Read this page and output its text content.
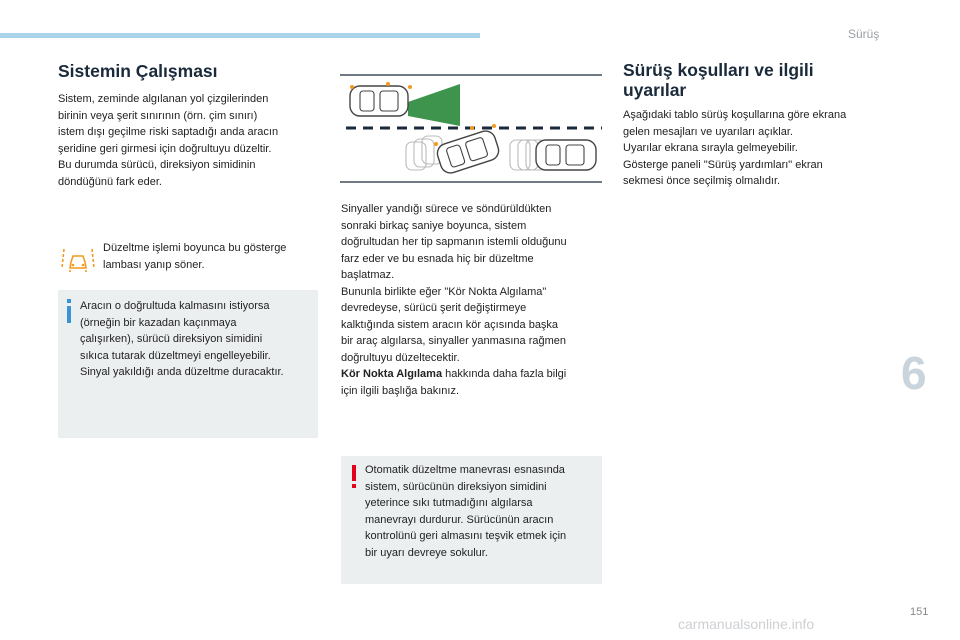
Sürüş
Sistemin Çalışması

Sistem, zeminde algılanan yol çizgilerinden
birinin veya şerit sınırının (örn. çim sınırı)
istem dışı geçilme riski saptadığı anda aracın
şeridine geri girmesi için doğrultuyu düzeltir.
Bu durumda sürücü, direksiyon simidinin
döndüğünü fark eder.

Düzeltme işlemi boyunca bu gösterge
lambası yanıp söner.

Aracın o doğrultuda kalmasını istiyorsa
(örneğin bir kazadan kaçınmaya
çalışırken), sürücü direksiyon simidini
sıkıca tutarak düzeltmeyi engelleyebilir.
Sinyal yakıldığı anda düzeltme duracaktır.

Sinyaller yandığı sürece ve söndürüldükten
sonraki birkaç saniye boyunca, sistem
doğrultudan her tip sapmanın istemli olduğunu
farz eder ve bu esnada hiç bir düzeltme
başlatmaz.
Bununla birlikte eğer "Kör Nokta Algılama"
devredeyse, sürücü şerit değiştirmeye
kalktığında sistem aracın kör açısında başka
bir araç algılarsa, sinyaller yanmasına rağmen
doğrultuyu düzeltecektir.
Kör Nokta Algılama hakkında daha fazla bilgi
için ilgili başlığa bakınız.

Otomatik düzeltme manevrası esnasında
sistem, sürücünün direksiyon simidini
yeterince sıkı tutmadığını algılarsa
manevrayı durdurur. Sürücünün aracın
kontrolünü geri almasını teşvik etmek için
bir uyarı devreye sokulur.

Sürüş koşulları ve ilgili
uyarılar

Aşağıdaki tablo sürüş koşullarına göre ekrana
gelen mesajları ve uyarıları açıklar.
Uyarılar ekrana sırayla gelmeyebilir.
Gösterge paneli "Sürüş yardımları" ekran
sekmesi önce seçilmiş olmalıdır.

6
151
carmanualsonline.info
